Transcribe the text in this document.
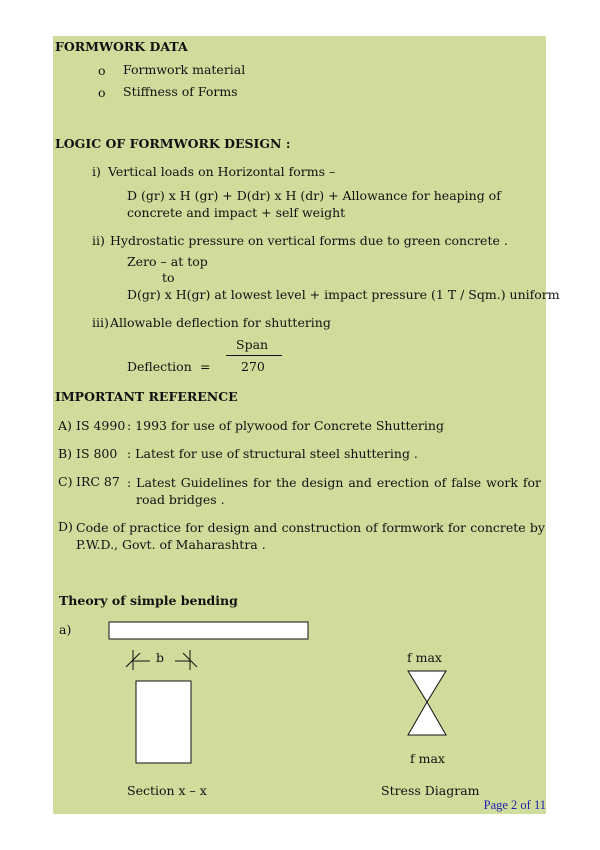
FORMWORK DATA
o Formwork material
o Stiffness of Forms
LOGIC OF FORMWORK DESIGN :
i) Vertical loads on Horizontal forms –
D (gr) x H (gr) + D(dr) x H (dr) + Allowance for heaping of concrete and impact + self weight
ii) Hydrostatic pressure on vertical forms due to green concrete .
Zero – at top
to
D(gr) x H(gr) at lowest level + impact pressure (1 T / Sqm.) uniform
iii) Allowable deflection for shuttering
Span
Deflection = 270
IMPORTANT REFERENCE
A) IS 4990 : 1993 for use of plywood for Concrete Shuttering
B) IS 800 : Latest for use of structural steel shuttering .
C) IRC 87 : Latest Guidelines for the design and erection of false work for road bridges .
D) Code of practice for design and construction of formwork for concrete by P.W.D., Govt. of Maharashtra .
Theory of simple bending
a)
b	f max
f max
Section x – x	Stress Diagram
Page 2 of 11
